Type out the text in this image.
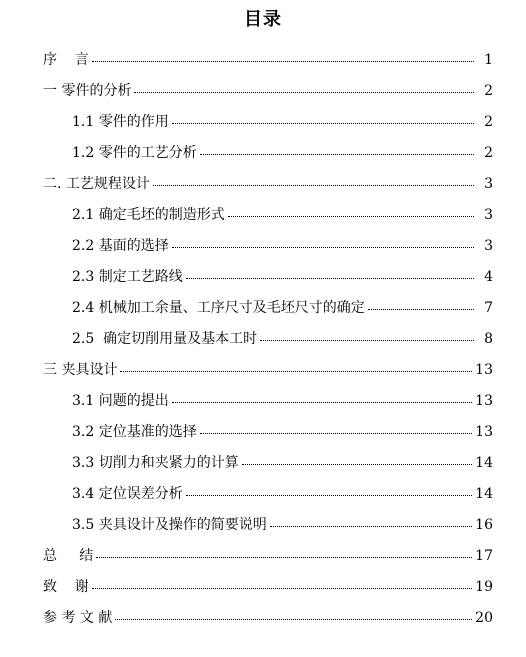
目录
序    言	1
一 零件的分析	2
1.1 零件的作用	2
1.2 零件的工艺分析	2
二. 工艺规程设计	3
2.1 确定毛坯的制造形式	3
2.2 基面的选择	3
2.3 制定工艺路线	4
2.4 机械加工余量、工序尺寸及毛坯尺寸的确定	7
2.5  确定切削用量及基本工时	8
三 夹具设计	13
3.1 问题的提出	13
3.2 定位基准的选择	13
3.3 切削力和夹紧力的计算	14
3.4 定位误差分析	14
3.5 夹具设计及操作的简要说明	16
总     结	17
致    谢	19
参 考 文 献	20
